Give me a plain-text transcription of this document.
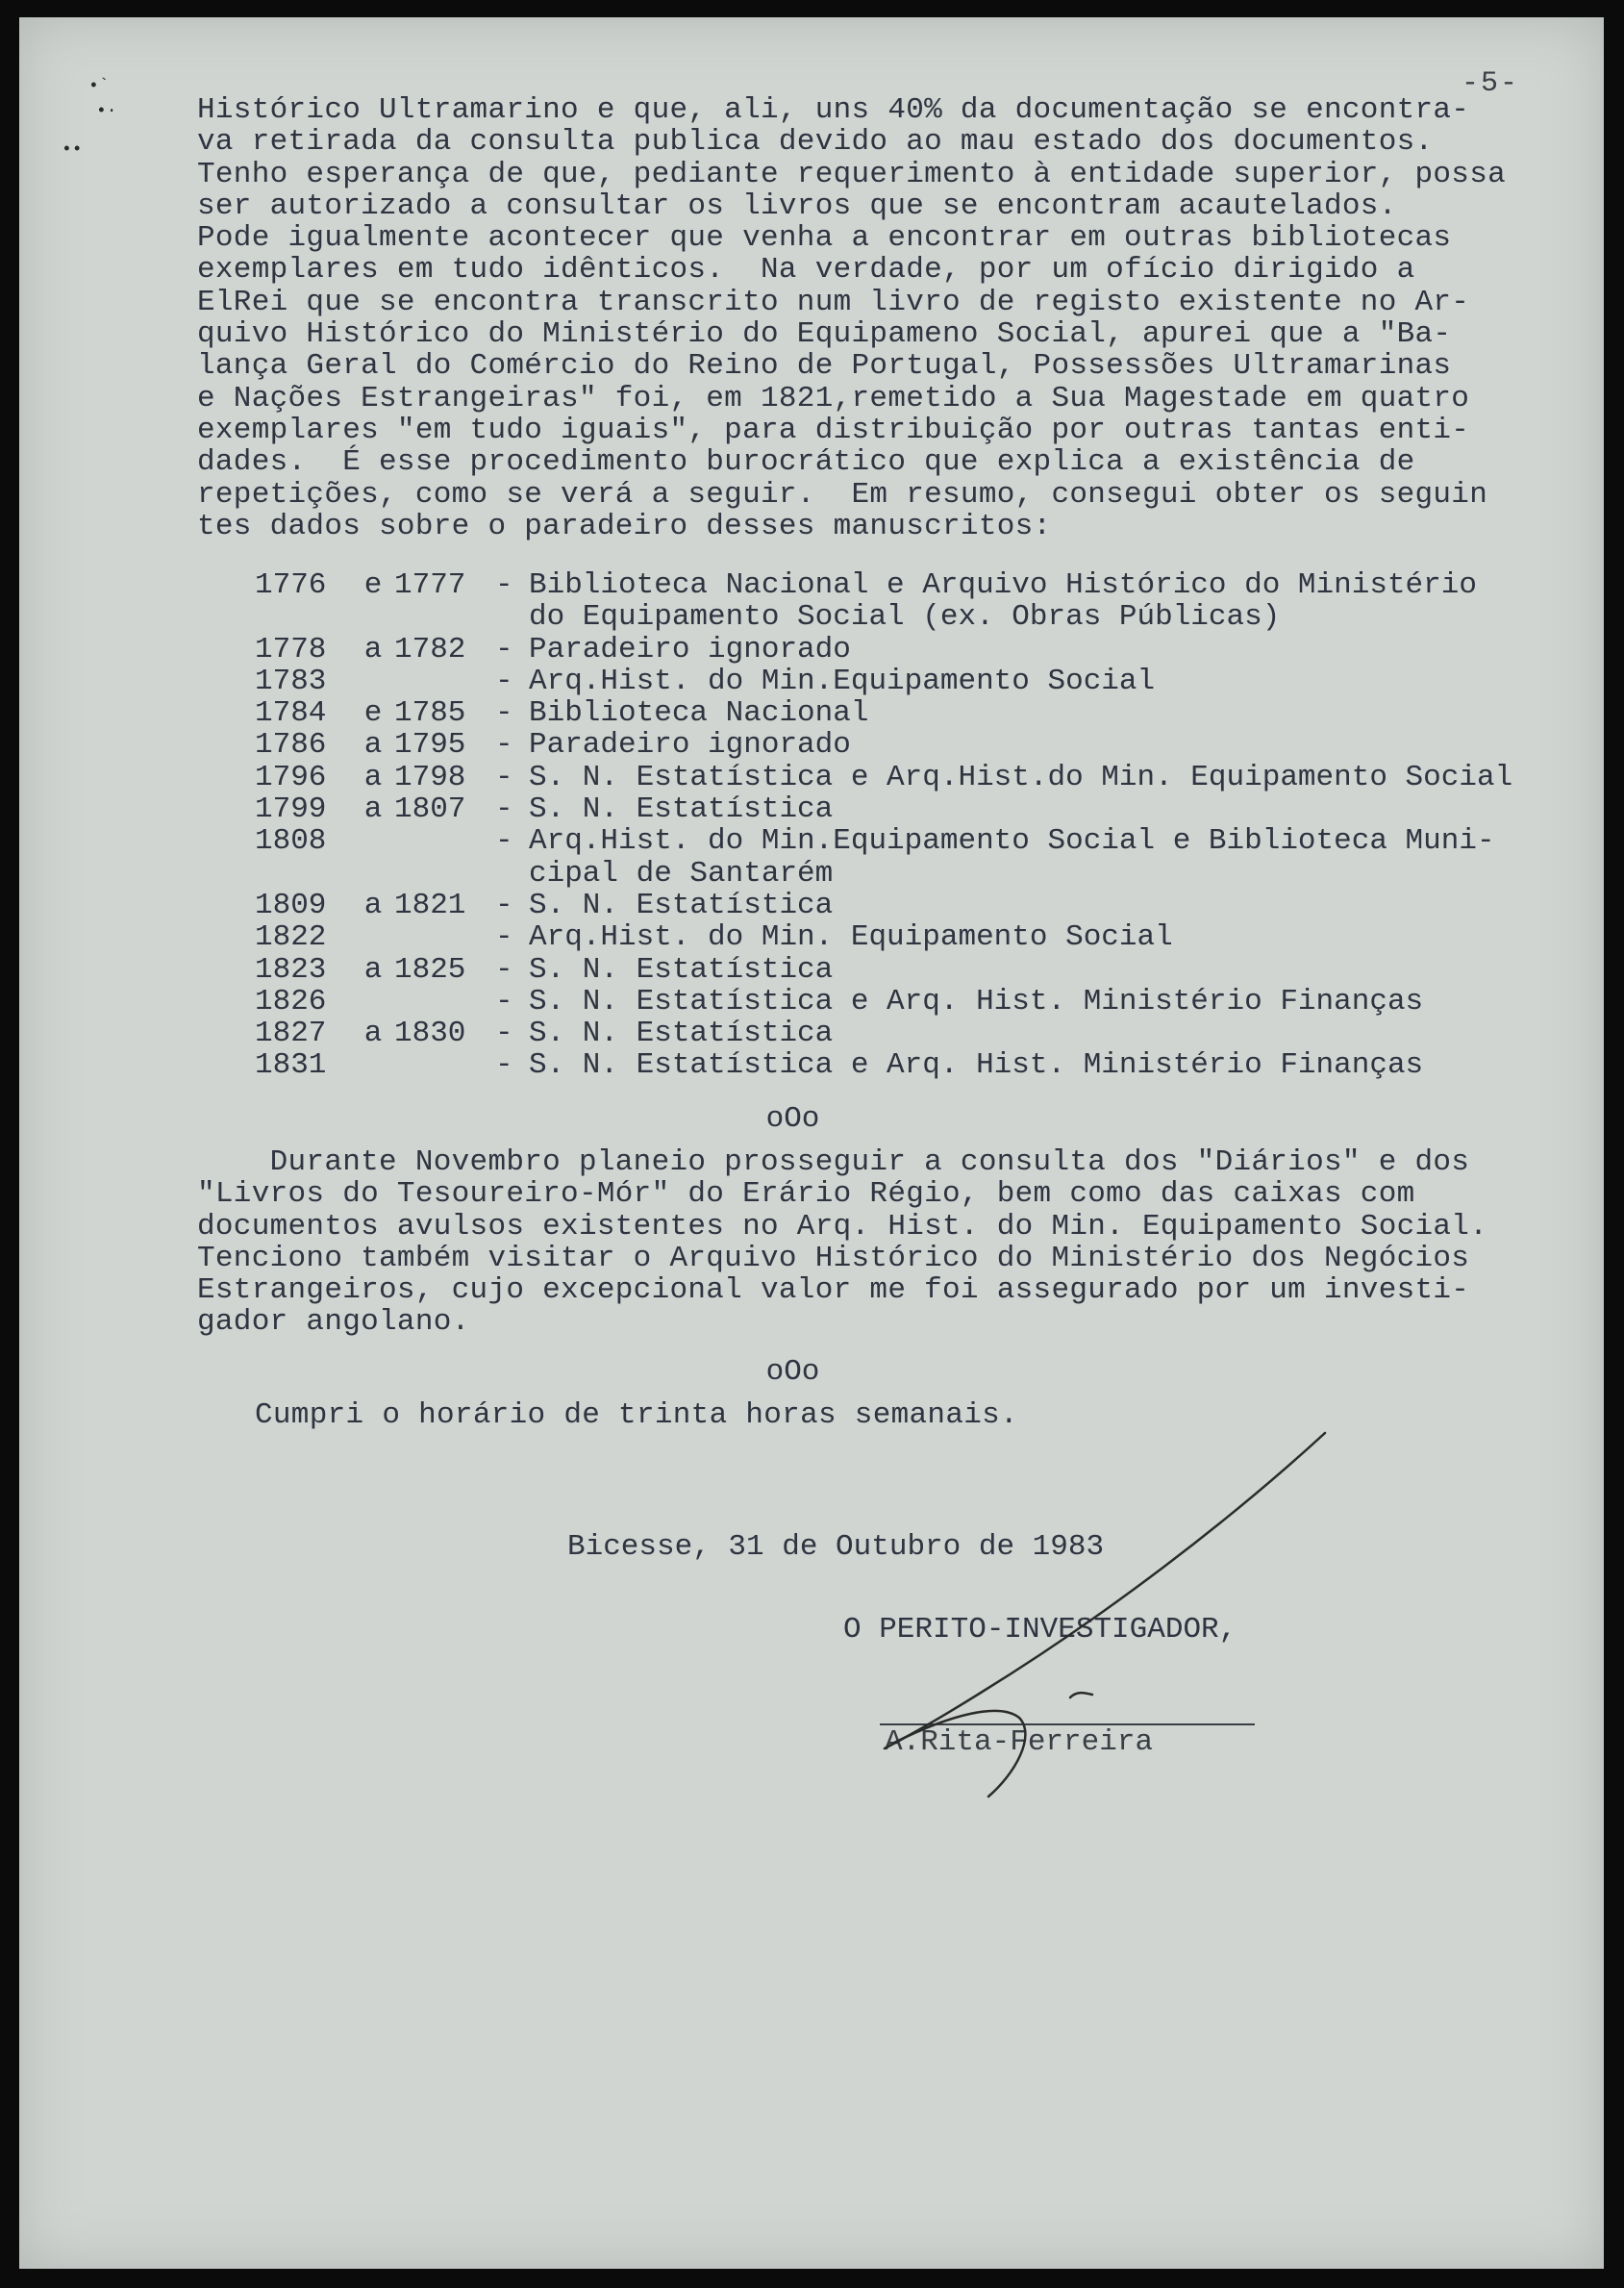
•`
•·
••
-5-
Histórico Ultramarino e que, ali, uns 40% da documentação se encontra-
va retirada da consulta publica devido ao mau estado dos documentos.
Tenho esperança de que, pediante requerimento à entidade superior, possa
ser autorizado a consultar os livros que se encontram acautelados.
Pode igualmente acontecer que venha a encontrar em outras bibliotecas
exemplares em tudo idênticos.  Na verdade, por um ofício dirigido a
ElRei que se encontra transcrito num livro de registo existente no Ar-
quivo Histórico do Ministério do Equipameno Social, apurei que a "Ba-
lança Geral do Comércio do Reino de Portugal, Possessões Ultramarinas
e Nações Estrangeiras" foi, em 1821,remetido a Sua Magestade em quatro
exemplares "em tudo iguais", para distribuição por outras tantas enti-
dades.  É esse procedimento burocrático que explica a existência de
repetições, como se verá a seguir.  Em resumo, consegui obter os seguin
tes dados sobre o paradeiro desses manuscritos:
1776	e 1777 - Biblioteca Nacional e Arquivo Histórico do Ministério
do Equipamento Social (ex. Obras Públicas)
1778	a 1782 - Paradeiro ignorado
1783	- Arq.Hist. do Min.Equipamento Social
1784	e 1785 - Biblioteca Nacional
1786	a 1795 - Paradeiro ignorado
1796	a 1798 - S. N. Estatística e Arq.Hist.do Min. Equipamento Social
1799	a 1807 - S. N. Estatística
1808	- Arq.Hist. do Min.Equipamento Social e Biblioteca Muni-
cipal de Santarém
1809	a 1821 - S. N. Estatística
1822	- Arq.Hist. do Min. Equipamento Social
1823	a 1825 - S. N. Estatística
1826	- S. N. Estatística e Arq. Hist. Ministério Finanças
1827	a 1830 - S. N. Estatística
1831	- S. N. Estatística e Arq. Hist. Ministério Finanças
oOo
Durante Novembro planeio prosseguir a consulta dos "Diários" e dos
"Livros do Tesoureiro-Mór" do Erário Régio, bem como das caixas com
documentos avulsos existentes no Arq. Hist. do Min. Equipamento Social.
Tenciono também visitar o Arquivo Histórico do Ministério dos Negócios
Estrangeiros, cujo excepcional valor me foi assegurado por um investi-
gador angolano.
oOo
Cumpri o horário de trinta horas semanais.
Bicesse, 31 de Outubro de 1983
O PERITO-INVESTIGADOR,
A.Rita-Ferreira
